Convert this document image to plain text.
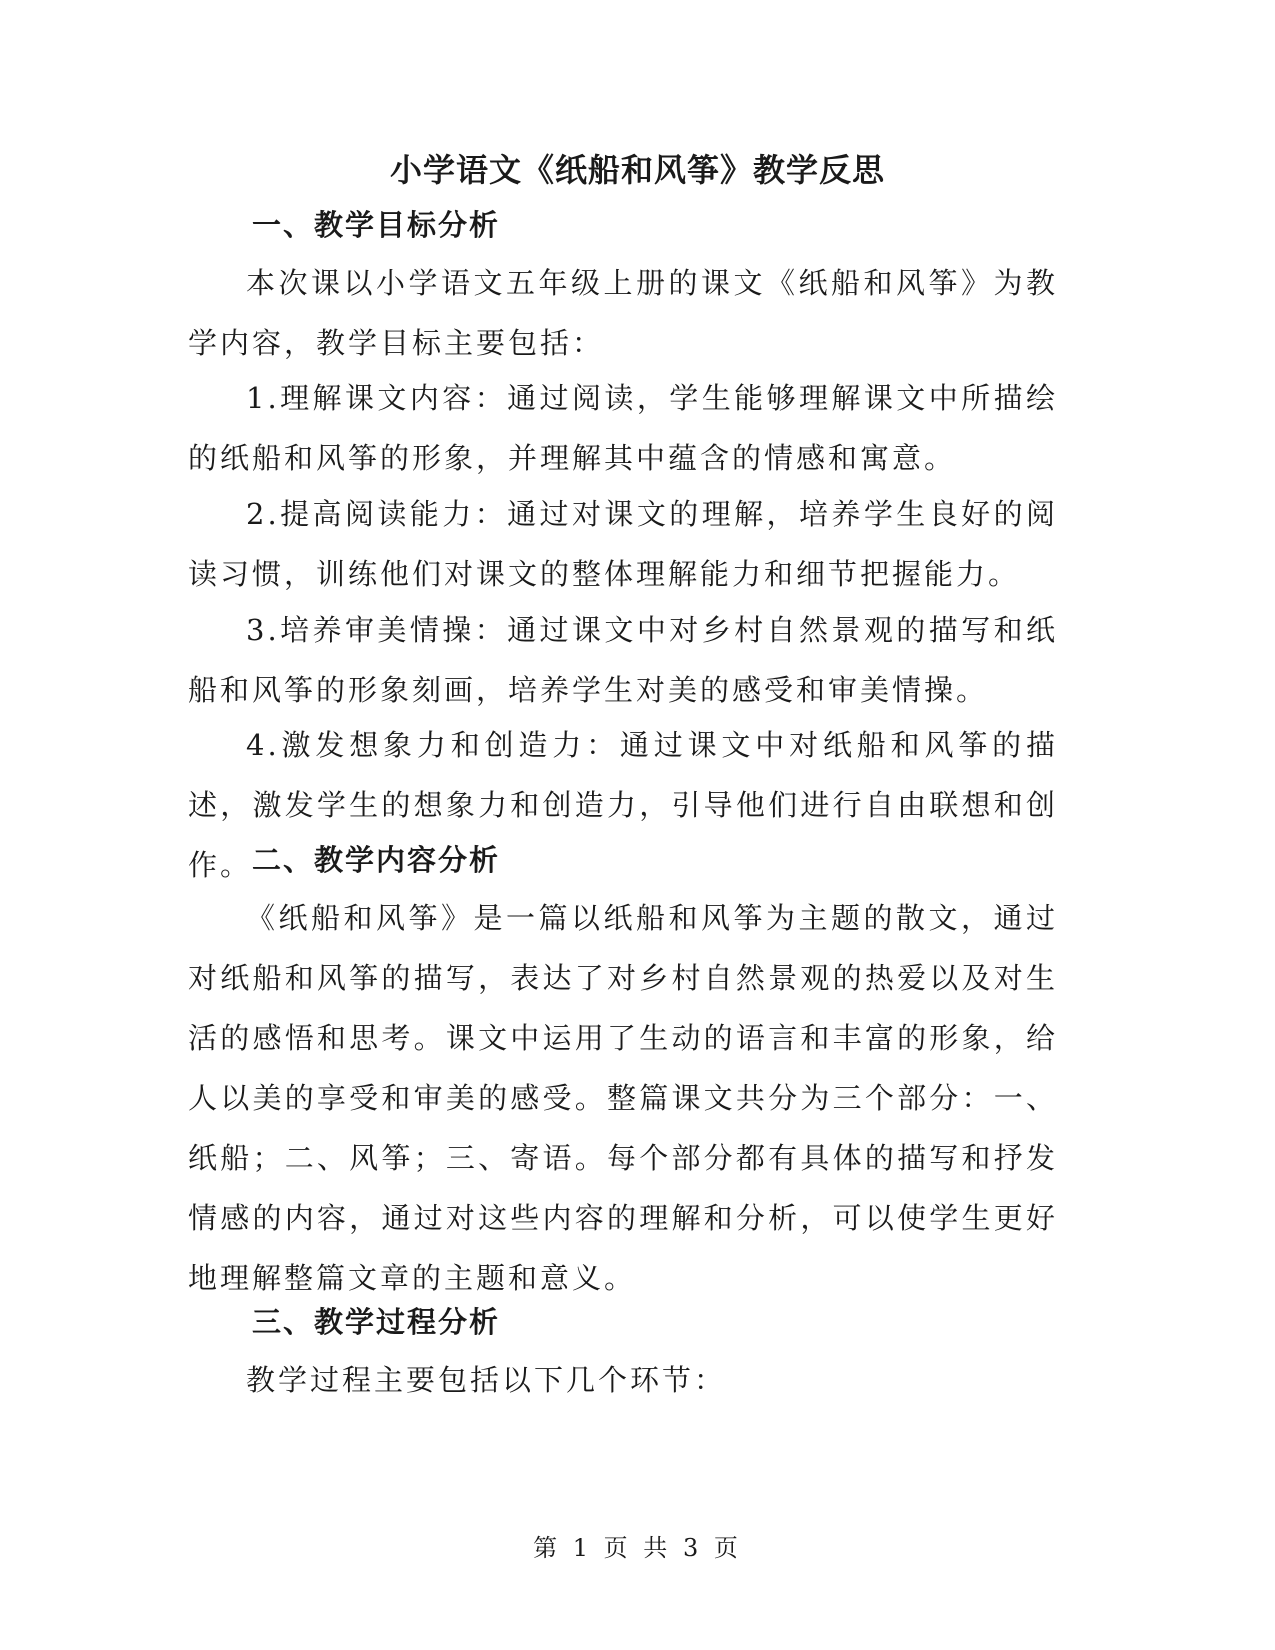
小学语文《纸船和风筝》教学反思
一、教学目标分析

本次课以小学语文五年级上册的课文《纸船和风筝》为教学内容，教学目标主要包括：

1.理解课文内容：通过阅读，学生能够理解课文中所描绘的纸船和风筝的形象，并理解其中蕴含的情感和寓意。

2.提高阅读能力：通过对课文的理解，培养学生良好的阅读习惯，训练他们对课文的整体理解能力和细节把握能力。

3.培养审美情操：通过课文中对乡村自然景观的描写和纸船和风筝的形象刻画，培养学生对美的感受和审美情操。

4.激发想象力和创造力：通过课文中对纸船和风筝的描述，激发学生的想象力和创造力，引导他们进行自由联想和创作。 二、教学内容分析

《纸船和风筝》是一篇以纸船和风筝为主题的散文，通过对纸船和风筝的描写，表达了对乡村自然景观的热爱以及对生活的感悟和思考。课文中运用了生动的语言和丰富的形象，给人以美的享受和审美的感受。整篇课文共分为三个部分：一、纸船；二、风筝；三、寄语。每个部分都有具体的描写和抒发情感的内容，通过对这些内容的理解和分析，可以使学生更好地理解整篇文章的主题和意义。

三、教学过程分析

教学过程主要包括以下几个环节：

第 1 页 共 3 页
